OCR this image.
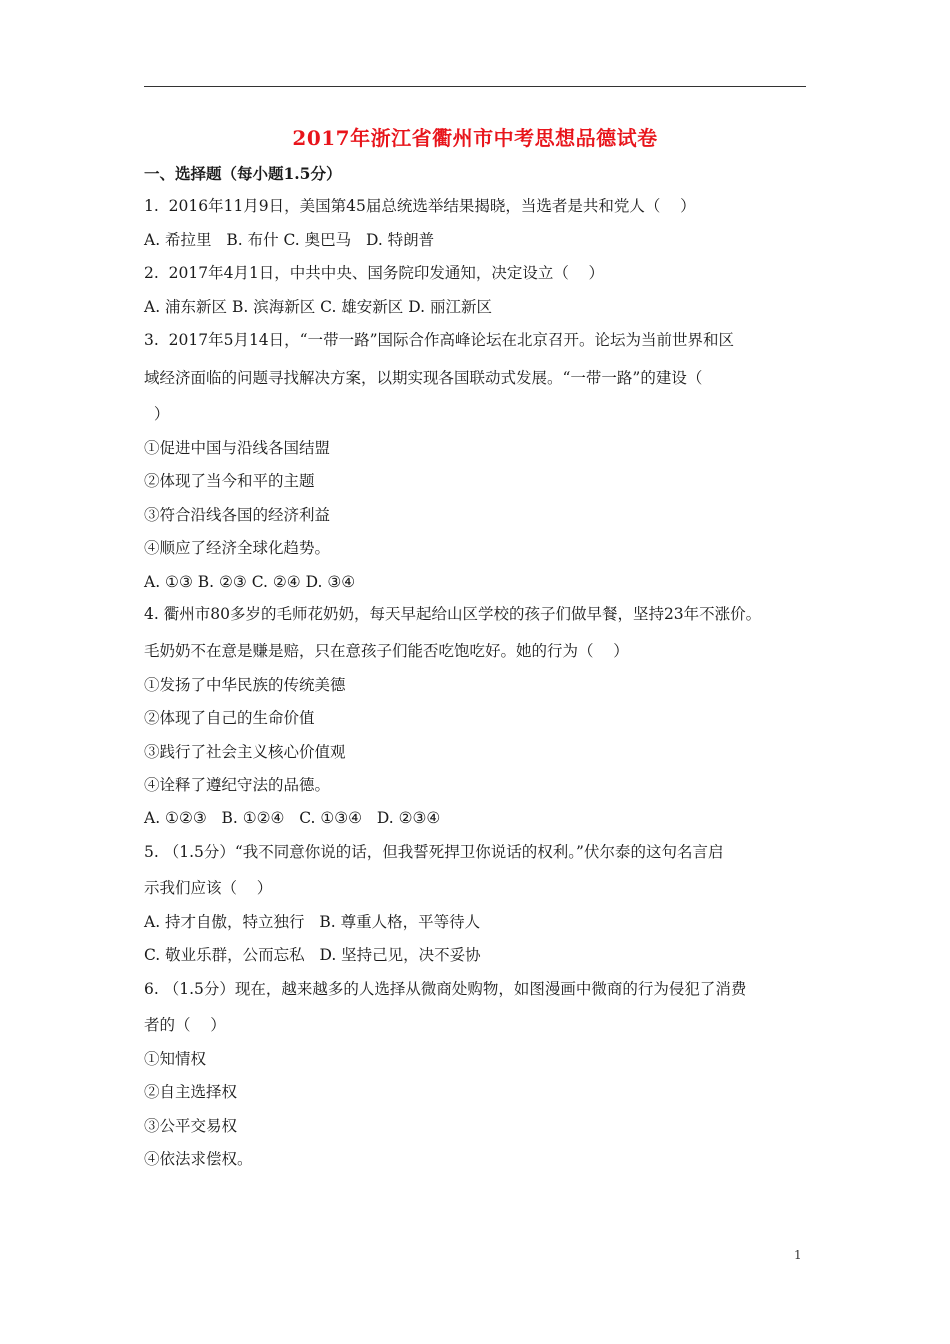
2017年浙江省衢州市中考思想品德试卷
一、选择题（每小题1.5分）
1.  2016年11月9日，美国第45届总统选举结果揭晓，当选者是共和党人（    ）
A. 希拉里   B. 布什 C. 奥巴马   D. 特朗普
2.  2017年4月1日，中共中央、国务院印发通知，决定设立（    ）
A. 浦东新区 B. 滨海新区 C. 雄安新区 D. 丽江新区
3.  2017年5月14日，“一带一路”国际合作高峰论坛在北京召开。论坛为当前世界和区
域经济面临的问题寻找解决方案，以期实现各国联动式发展。“一带一路”的建设（
）
①促进中国与沿线各国结盟
②体现了当今和平的主题
③符合沿线各国的经济利益
④顺应了经济全球化趋势。
A. ①③ B. ②③ C. ②④ D. ③④
4. 衢州市80多岁的毛师花奶奶，每天早起给山区学校的孩子们做早餐，坚持23年不涨价。
毛奶奶不在意是赚是赔，只在意孩子们能否吃饱吃好。她的行为（    ）
①发扬了中华民族的传统美德
②体现了自己的生命价值
③践行了社会主义核心价值观
④诠释了遵纪守法的品德。
A. ①②③   B. ①②④   C. ①③④   D. ②③④
5. （1.5分）“我不同意你说的话，但我誓死捍卫你说话的权利。”伏尔泰的这句名言启
示我们应该（    ）
A. 持才自傲，特立独行   B. 尊重人格，平等待人
C. 敬业乐群，公而忘私   D. 坚持己见，决不妥协
6. （1.5分）现在，越来越多的人选择从微商处购物，如图漫画中微商的行为侵犯了消费
者的（    ）
①知情权
②自主选择权
③公平交易权
④依法求偿权。
1
